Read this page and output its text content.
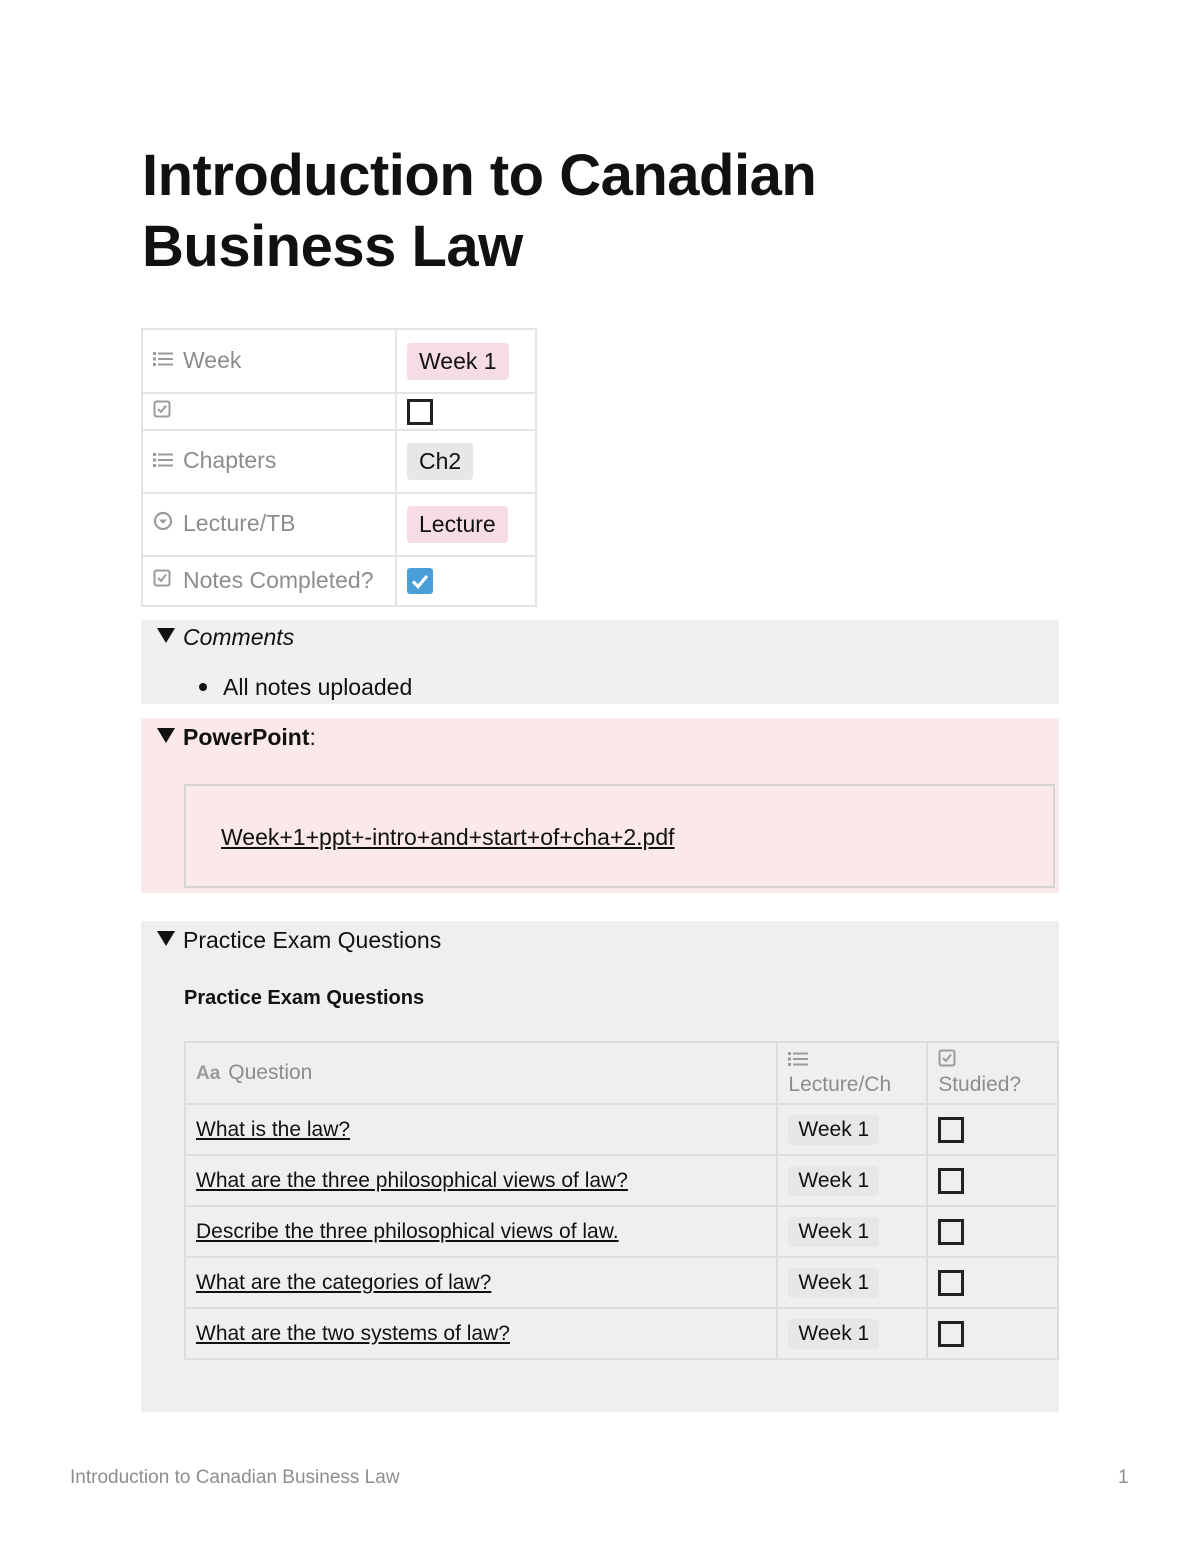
Introduction to Canadian Business Law
Week	Week 1

Chapters	Ch2
Lecture/TB	Lecture
Notes Completed?	
Comments
All notes uploaded
PowerPoint:
Week+1+ppt+-intro+and+start+of+cha+2.pdf
Practice Exam Questions
Practice Exam Questions
Aa Question	Lecture/Ch	Studied?

What is the law?	Week 1	
What are the three philosophical views of law?	Week 1	
Describe the three philosophical views of law.	Week 1	
What are the categories of law?	Week 1	
What are the two systems of law?	Week 1	
Introduction to Canadian Business Law	1
